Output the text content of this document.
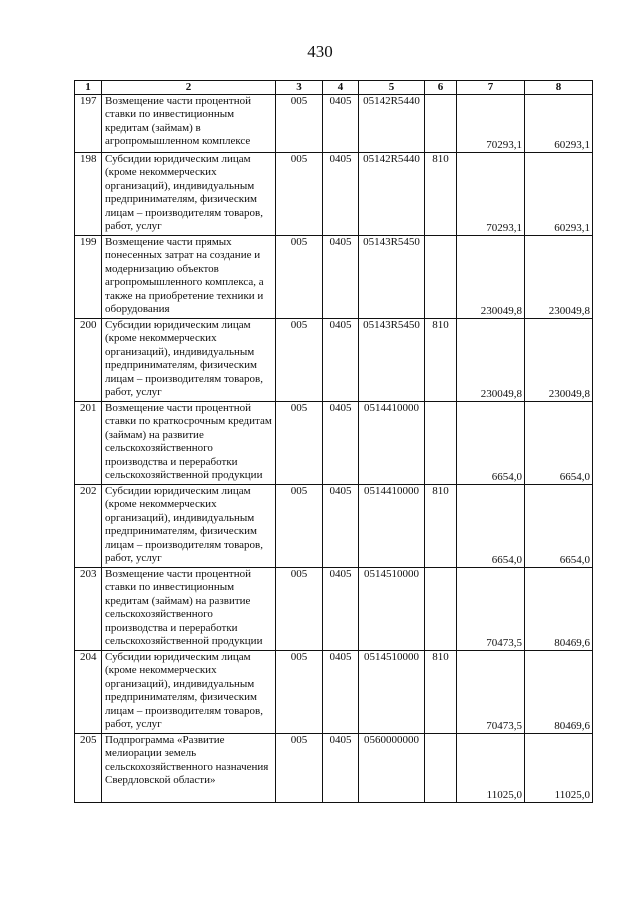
430
1	2	3	4	5	6	7	8
197	Возмещение части процентной ставки по инвестиционным кредитам (займам) в агропромышленном комплексе	005	0405	05142R5440		70293,1	60293,1
198	Субсидии юридическим лицам (кроме некоммерческих организаций), индивидуальным предпринимателям, физическим лицам – производителям товаров, работ, услуг	005	0405	05142R5440	810	70293,1	60293,1
199	Возмещение части прямых понесенных затрат на создание и модернизацию объектов агропромышленного комплекса, а также на приобретение техники и оборудования	005	0405	05143R5450		230049,8	230049,8
200	Субсидии юридическим лицам (кроме некоммерческих организаций), индивидуальным предпринимателям, физическим лицам – производителям товаров, работ, услуг	005	0405	05143R5450	810	230049,8	230049,8
201	Возмещение части процентной ставки по краткосрочным кредитам (займам) на развитие сельскохозяйственного производства и переработки сельскохозяйственной продукции	005	0405	0514410000		6654,0	6654,0
202	Субсидии юридическим лицам (кроме некоммерческих организаций), индивидуальным предпринимателям, физическим лицам – производителям товаров, работ, услуг	005	0405	0514410000	810	6654,0	6654,0
203	Возмещение части процентной ставки по инвестиционным кредитам (займам) на развитие сельскохозяйственного производства и переработки сельскохозяйственной продукции	005	0405	0514510000		70473,5	80469,6
204	Субсидии юридическим лицам (кроме некоммерческих организаций), индивидуальным предпринимателям, физическим лицам – производителям товаров, работ, услуг	005	0405	0514510000	810	70473,5	80469,6
205	Подпрограмма «Развитие мелиорации земель сельскохозяйственного назначения Свердловской области»	005	0405	0560000000		11025,0	11025,0
